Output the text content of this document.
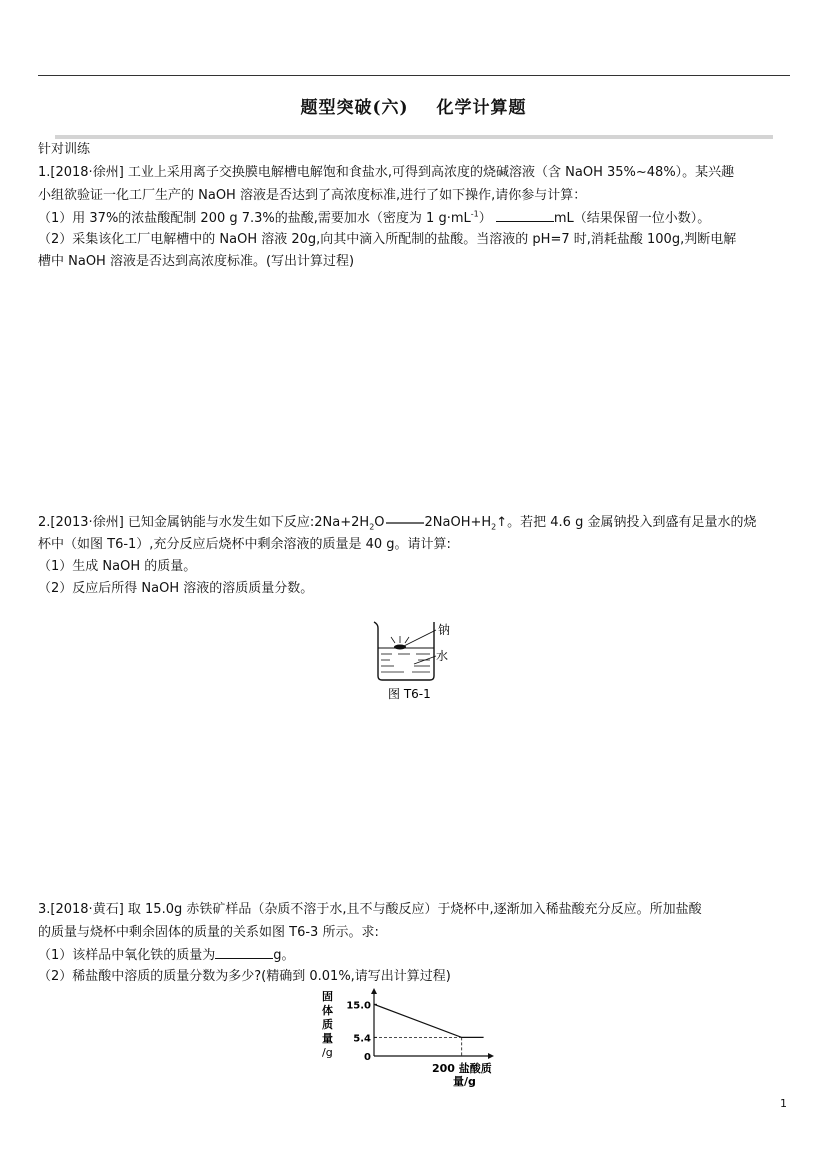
题型突破(六) 化学计算题
针对训练
1.[2018·徐州] 工业上采用离子交换膜电解槽电解饱和食盐水,可得到高浓度的烧碱溶液（含 NaOH 35%~48%）。某兴趣
小组欲验证一化工厂生产的 NaOH 溶液是否达到了高浓度标准,进行了如下操作,请你参与计算：
（1）用 37%的浓盐酸配制 200 g 7.3%的盐酸,需要加水（密度为 1 $g\cdot mL^{-1}$）	mL（结果保留一位小数）。
（2）采集该化工厂电解槽中的 NaOH 溶液 20g,向其中滴入所配制的盐酸。当溶液的 pH=7 时,消耗盐酸 100g,判断电解
槽中 NaOH 溶液是否达到高浓度标准。(写出计算过程)
2.[2013·徐州] 已知金属钠能与水发生如下反应$:2Na+2H_2O$	$2NaOH+H_2↑$。若把 4.6 g 金属钠投入到盛有足量水的烧
杯中（如图 T6-1）,充分反应后烧杯中剩余溶液的质量是 40 g。请计算:
（1）生成 NaOH 的质量。
（2）反应后所得 NaOH 溶液的溶质质量分数。
钠
水
图 T6-1
3.[2018·黄石] 取 15.0g 赤铁矿样品（杂质不溶于水,且不与酸反应）于烧杯中,逐渐加入稀盐酸充分反应。所加盐酸
的质量与烧杯中剩余固体的质量的关系如图 T6-3 所示。求:
（1）该样品中氧化铁的质量为	g。
（2）稀盐酸中溶质的质量分数为多少?(精确到 0.01%,请写出计算过程)
固
体
质
量
/g
200 盐酸质
量/g
15.0
5.4
0
1
